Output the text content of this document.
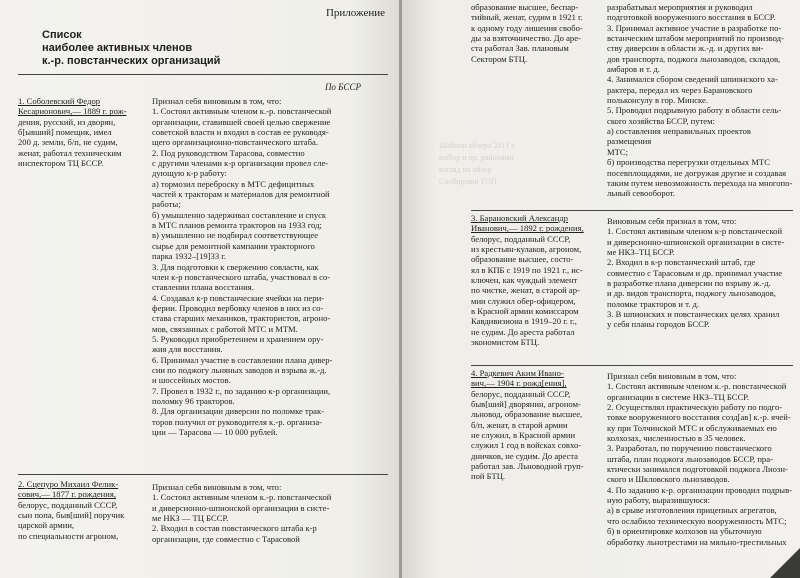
Приложение
Список
наиболее активных членов
к.-р. повстанческих организаций
По БССР

1. Соболевский Федор

Кесарионович,— 1889 г. рож-

дения, русский, из дворян,

б[ывший] помещик, имел

200 д. земли, б/п, не судим,

женат, работал техническим

инспектором ТЦ БССР.

Признал себя виновным в том, что:

1. Состоял активным членом к.-р. повстанческой

организации, ставившей своей целью свержение

советской власти и входил в состав ее руководя-

щего организационно-повстанческого штаба.

2. Под руководством Тарасова, совместно

с другими членами к-р организации провел сле-

дующую к-р работу:

а) тормозил переброску в МТС дефицитных

частей к тракторам и материалов для ремонтной

работы;

б) умышленно задерживал составление и спуск

в МТС планов ремонта тракторов на 1933 год;

в) умышленно не подбирал соответствующее

сырье для ремонтной кампании тракторного

парка 1932–[19]33 г.

3. Для подготовки к свержению совласти, как

член к-р повстанческого штаба, участвовал в со-

ставлении плана восстания.

4. Создавал к-р повстанческие ячейки на пери-

ферии. Проводил вербовку членов в них из со-

става старших механиков, трактористов, агроно-

мов, связанных с работой МТС и МТМ.

5. Руководил приобретением и хранением ору-

жия для восстания.

6. Принимал участие в составлении плана дивер-

сии по поджогу льняных заводов и взрыва ж.-д.

и шоссейных мостов.

7. Провел в 1932 г., по заданию к-р организации,

поломку 96 тракторов.

8. Для организации диверсии по поломке трак-

торов получил от руководителя к.-р. организа-

ции — Тарасова — 10 000 рублей.

2. Сцепуро Михаил Фелик-

сович,— 1877 г. рождения,

белорус, подданный СССР,

сын попа, быв[ший] поручик

царской армии,

по специальности агроном,

Признал себя виновным в том, что:

1. Состоял активным членом к.-р. повстанческой

и диверсионно-шпионской организации в систе-

ме НКЗ — ТЦ БССР.

2. Входил в состав повстанческого штаба к-р

организации, где совместно с Тарасовой

Шаблон обзора 2011 г.
выбор и пр. районами
взгляд на обзор
Сообщения ТОП

образование высшее, беспар-

тийный, женат, судим в 1921 г.

к одному году лишения свобо-

ды за взяточничество. До аре-

ста работал Зав. плановым

Сектором БТЦ.

разрабатывал мероприятия и руководил

подготовкой вооруженного восстания в БССР.

3. Принимал активное участие в разработке по-

встанческим штабом мероприятий по производ-

ству диверсии в области ж.-д. и других ви-

дов транспорта, поджога льнозаводов, складов,

амбаров и т. д.

4. Занимался сбором сведений шпионского ха-

рактера, передал их через Барановского

польконсулу в гор. Минске.

5. Проводил подрывную работу в области сель-

ского хозяйства БССР, путем:

а) составления неправильных проектов размещения

МТС;

б) производства перегрузки отдельных МТС

посевплощадями, не догружая другие и создавая

таким путем невозможность перехода на многопо-

льный севооборот.

3. Барановский Александр

Иванович,— 1892 г. рождения,

белорус, подданный СССР,

из крестьян-кулаков, агроном,

образование высшее, состо-

ял в КПБ с 1919 по 1921 г., ис-

ключен, как чуждый элемент

по чистке, женат, в старой ар-

мии служил обер-офицером,

в Красной армии комиссаром

Кавдивизиона в 1919–20 г. г.,

не судим. До ареста работал

экономистом БТЦ.

Виновным себя признал в том, что:

1. Состоял активным членом к-р повстанческой

и диверсионно-шпионской организации в систе-

ме НКЗ–ТЦ БССР.

2. Входил в к-р повстанческий штаб, где

совместно с Тарасовым и др. принимал участие

в разработке плана диверсии по взрыву ж.-д.

и др. видов транспорта, поджогу льнозаводов,

поломке тракторов и т. д.

3. В шпионских и повстанческих целях хранил

у себя планы городов БССР.

4. Радкевич Аким Ивано-

вич,— 1904 г. рожд[ения],

белорус, подданный СССР,

быв[ший] дворянин, агроном-

льновод, образование высшее,

б/п, женат, в старой армии

не служил, в Красной армии

служил 1 год в войсках совхо-

дничков, не судим. До ареста

работал зав. Льноводной груп-

пой БТЦ.

Признал себя виновным в том, что:

1. Состоял активным членом к.-р. повстанческой

организации в системе НКЗ–ТЦ БССР.

2. Осуществлял практическую работу по подго-

товке вооруженного восстания созд[ав] к.-р. ячей-

ку при Толчинской МТС и обслуживаемых ею

колхозах, численностью в 35 человек.

3. Разработал, по поручению повстанческого

штаба, план поджога льнозаводов БССР, пра-

ктически занимался подготовкой поджога Лиозн-

ского и Шкловского льнозаводов.

4. По заданию к-р. организации проводил подрыв-

ную работу, выразившуюся:

а) в срыве изготовления прицепных агрегатов,

что ослабило техническую вооруженность МТС;

б) в ориентировке колхозов на убыточную

обработку льнотрестами на мяльно-трестильных
